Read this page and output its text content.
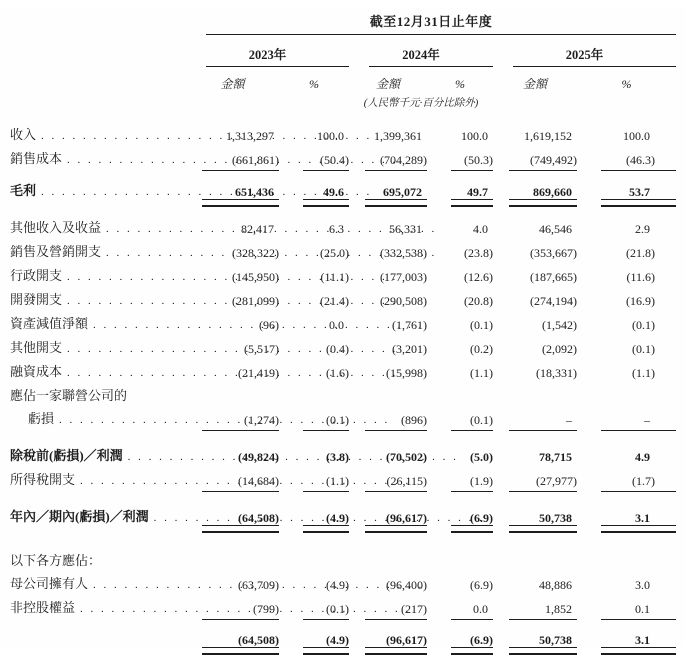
	截至12月31日止年度					
	2023年		2024年		2025年	
	金額	%	金額	%	金額	%
			(人民幣千元·百分比除外)			

收入
. . .	1,313,297	100.0	1,399,361	100.0	1,619,152	100.0

銷售成本
. . .	(661,861)	(50.4)	(704,289)	(50.3)	(749,492)	(46.3)

毛利
. . .	651,436	49.6	695,072	49.7	869,660	53.7

其他收入及收益
. . .	82,417	6.3	56,331	4.0	46,546	2.9

銷售及營銷開支
. . .	(328,322)	(25.0)	(332,538)	(23.8)	(353,667)	(21.8)

行政開支
. . .	(145,950)	(11.1)	(177,003)	(12.6)	(187,665)	(11.6)

開發開支
. . .	(281,099)	(21.4)	(290,508)	(20.8)	(274,194)	(16.9)

資產減值淨額
. . .	(96)	0.0	(1,761)	(0.1)	(1,542)	(0.1)

其他開支
. . .	(5,517)	(0.4)	(3,201)	(0.2)	(2,092)	(0.1)

融資成本
. . .	(21,419)	(1.6)	(15,998)	(1.1)	(18,331)	(1.1)

應佔一家聯營公司的						

虧損
. . .	(1,274)	(0.1)	(896)	(0.1)	–	–

除稅前(虧損)／利潤
. . .	(49,824)	(3.8)	(70,502)	(5.0)	78,715	4.9

所得稅開支
. . .	(14,684)	(1.1)	(26,115)	(1.9)	(27,977)	(1.7)

年內／期內(虧損)／利潤
. . .	(64,508)	(4.9)	(96,617)	(6.9)	50,738	3.1

以下各方應佔：						

母公司擁有人
. . .	(63,709)	(4.9)	(96,400)	(6.9)	48,886	3.0

非控股權益
. . .	(799)	(0.1)	(217)	0.0	1,852	0.1

	(64,508)	(4.9)	(96,617)	(6.9)	50,738	3.1
